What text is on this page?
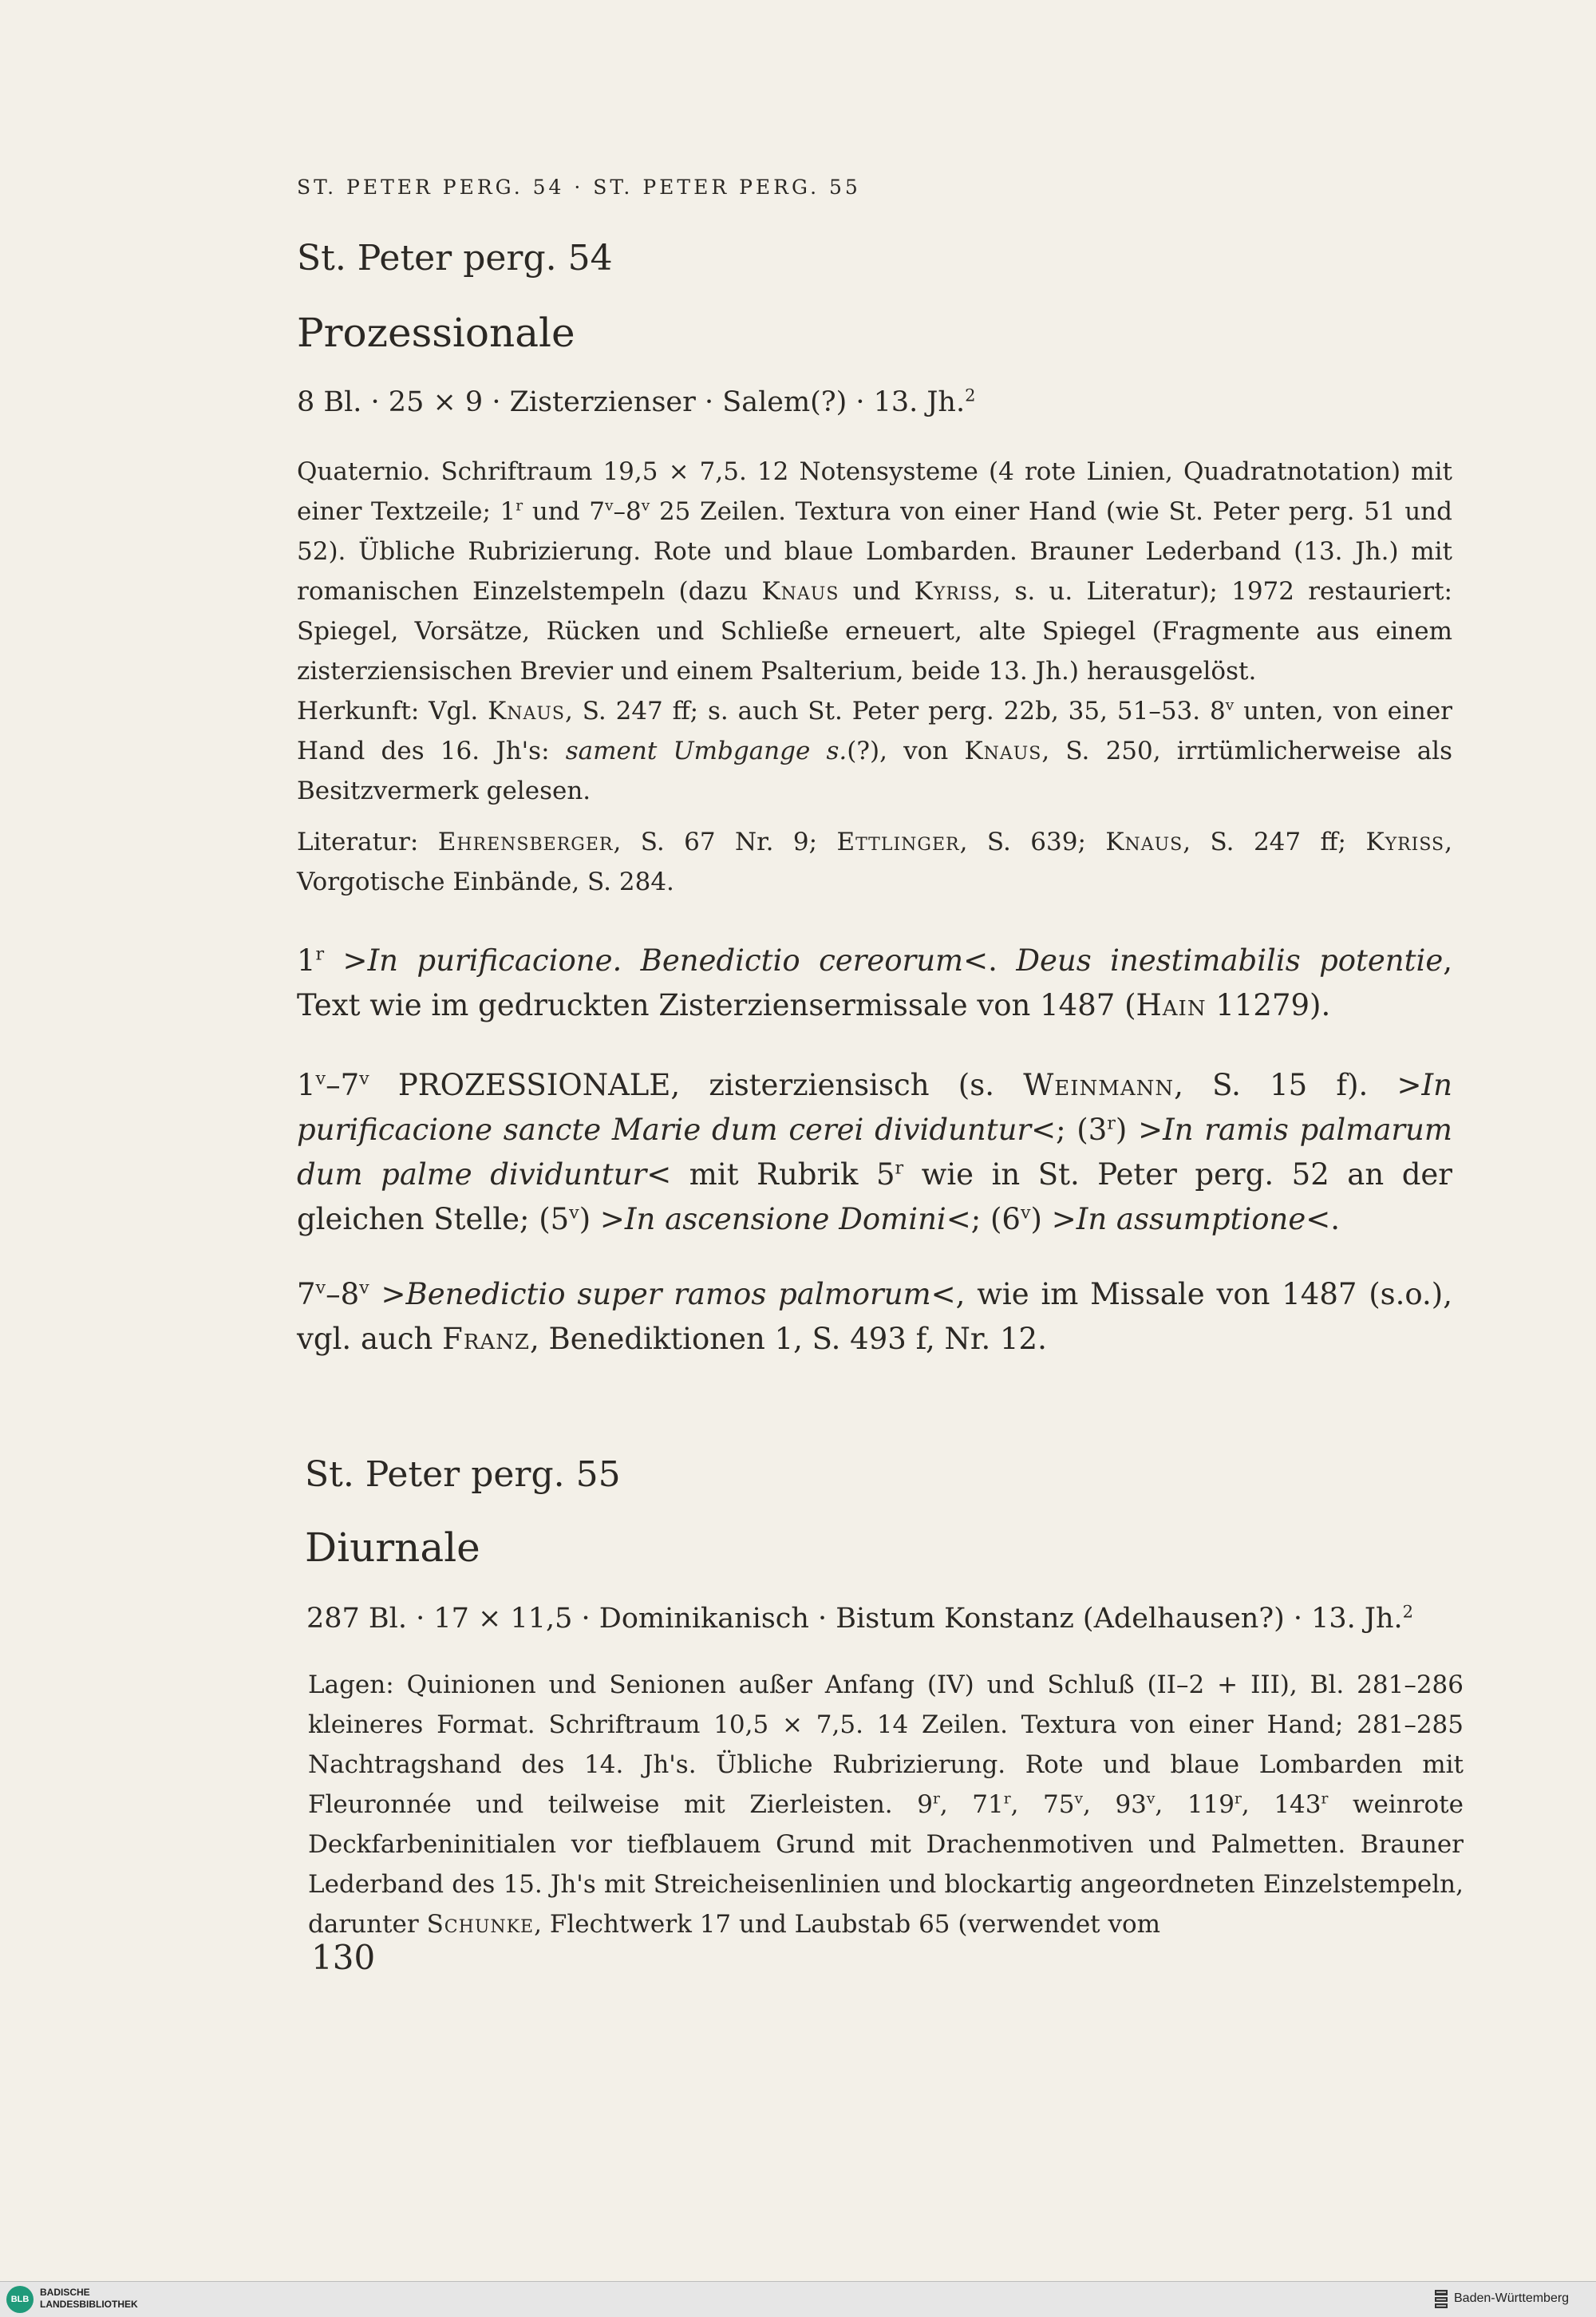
ST. PETER PERG. 54 · ST. PETER PERG. 55
St. Peter perg. 54
Prozessionale
8 Bl. · 25 × 9 · Zisterzienser · Salem(?) · 13. Jh.$^2$
Quaternio. Schriftraum 19,5 × 7,5. 12 Notensysteme (4 rote Linien, Quadratnotation) mit einer Textzeile; 1$^r$ und 7$^v$–8$^v$ 25 Zeilen. Textura von einer Hand (wie St. Peter perg. 51 und 52). Übliche Rubrizierung. Rote und blaue Lombarden. Brauner Lederband (13. Jh.) mit romanischen Einzelstempeln (dazu Knaus und Kyriss, s. u. Literatur); 1972 restauriert: Spiegel, Vorsätze, Rücken und Schließe erneuert, alte Spiegel (Fragmente aus einem zisterziensischen Brevier und einem Psalterium, beide 13. Jh.) herausgelöst.
Herkunft: Vgl. Knaus, S. 247 ff; s. auch St. Peter perg. 22b, 35, 51–53. 8$^v$ unten, von einer Hand des 16. Jh's: sament Umbgange s.(?), von Knaus, S. 250, irrtümlicherweise als Besitzvermerk gelesen.
Literatur: Ehrensberger, S. 67 Nr. 9; Ettlinger, S. 639; Knaus, S. 247 ff; Kyriss, Vorgotische Einbände, S. 284.
$1^r >In$ purificacione. Benedictio cereorum<. Deus inestimabilis potentie, Text wie im gedruckten Zisterziensermissale von 1487 (Hain 11279).
1$^v$–7$^v$ PROZESSIONALE, zisterziensisch (s. Weinmann, S. 15 f). >In purificacione sancte Marie dum cerei dividuntur<; $(3^r) >In$ ramis palmarum dum palme dividuntur< mit Rubrik 5$^r$ wie in St. Peter perg. 52 an der gleichen Stelle; $(5^v) >In$ ascensione Domini<; $(6^v) >In$ assumptione<.
$7^v-8^v$ >Benedictio super ramos palmorum<, wie im Missale von 1487 (s.o.), vgl. auch Franz, Benediktionen 1, S. 493 f, Nr. 12.
St. Peter perg. 55
Diurnale
287 Bl. · 17 × 11,5 · Dominikanisch · Bistum Konstanz (Adelhausen?) · 13. Jh.$^2$
Lagen: Quinionen und Senionen außer Anfang (IV) und Schluß (II–2 + III), Bl. 281–286 kleineres Format. Schriftraum 10,5 × 7,5. 14 Zeilen. Textura von einer Hand; 281–285 Nachtragshand des 14. Jh's. Übliche Rubrizierung. Rote und blaue Lombarden mit Fleuronnée und teilweise mit Zierleisten. 9$^r$, 71$^r$, 75$^v$, 93$^v$, 119$^r$, 143$^r$ weinrote Deckfarbeninitialen vor tiefblauem Grund mit Drachenmotiven und Palmetten. Brauner Lederband des 15. Jh's mit Streicheisenlinien und blockartig angeordneten Einzelstempeln, darunter Schunke, Flechtwerk 17 und Laubstab 65 (verwendet vom
130
BLB
BADISCHE
LANDESBIBLIOTHEK	Baden-Württemberg
